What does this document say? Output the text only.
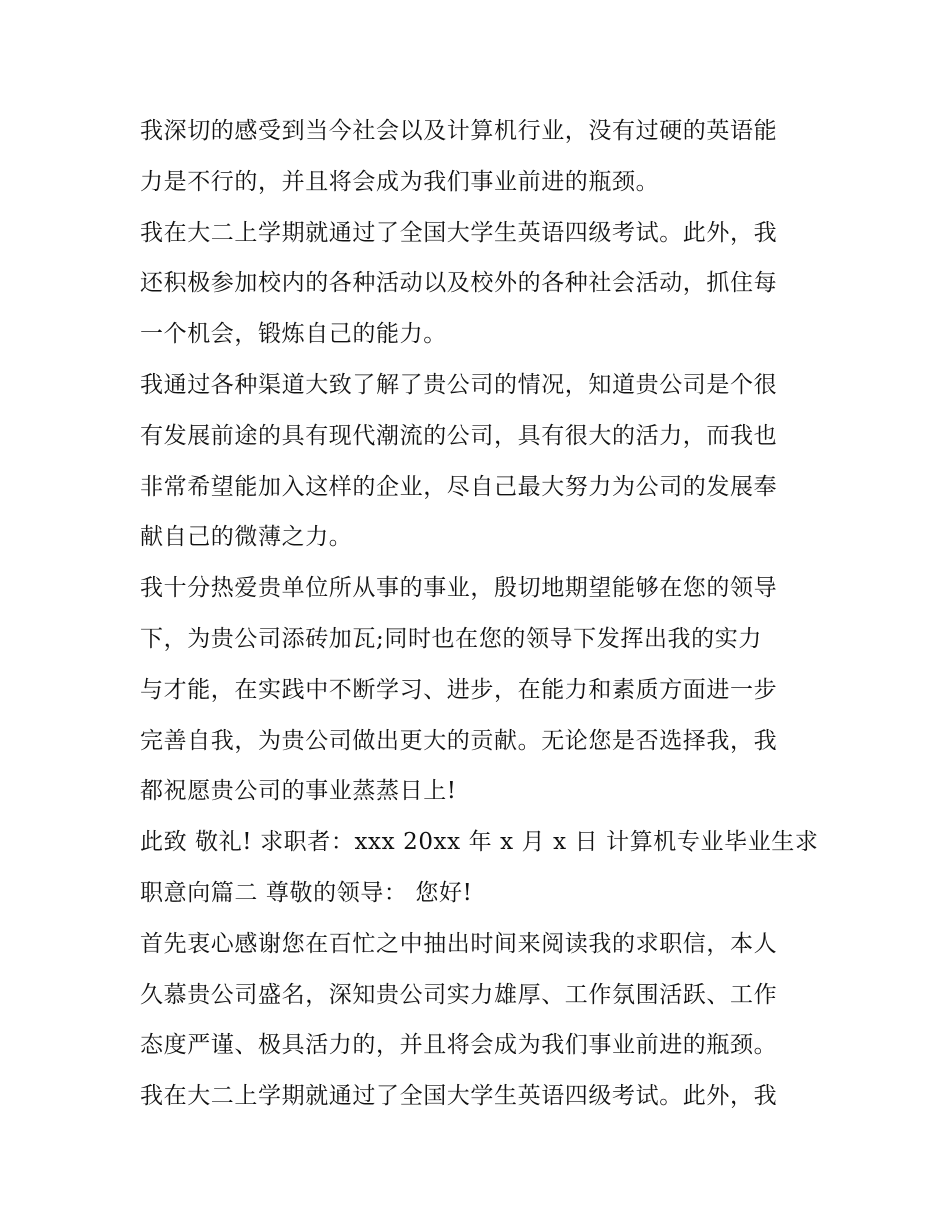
我深切的感受到当今社会以及计算机行业，没有过硬的英语能
力是不行的，并且将会成为我们事业前进的瓶颈。

我在大二上学期就通过了全国大学生英语四级考试。此外，我
还积极参加校内的各种活动以及校外的各种社会活动，抓住每
一个机会，锻炼自己的能力。

我通过各种渠道大致了解了贵公司的情况，知道贵公司是个很
有发展前途的具有现代潮流的公司，具有很大的活力，而我也
非常希望能加入这样的企业，尽自己最大努力为公司的发展奉
献自己的微薄之力。

我十分热爱贵单位所从事的事业，殷切地期望能够在您的领导
下，为贵公司添砖加瓦;同时也在您的领导下发挥出我的实力
与才能，在实践中不断学习、进步，在能力和素质方面进一步
完善自我，为贵公司做出更大的贡献。无论您是否选择我，我
都祝愿贵公司的事业蒸蒸日上!

此致 敬礼! 求职者：xxx 20xx 年 x 月 x 日 计算机专业毕业生求
职意向篇二 尊敬的领导： 您好!

首先衷心感谢您在百忙之中抽出时间来阅读我的求职信，本人
久慕贵公司盛名，深知贵公司实力雄厚、工作氛围活跃、工作
态度严谨、极具活力的，并且将会成为我们事业前进的瓶颈。

我在大二上学期就通过了全国大学生英语四级考试。此外，我
